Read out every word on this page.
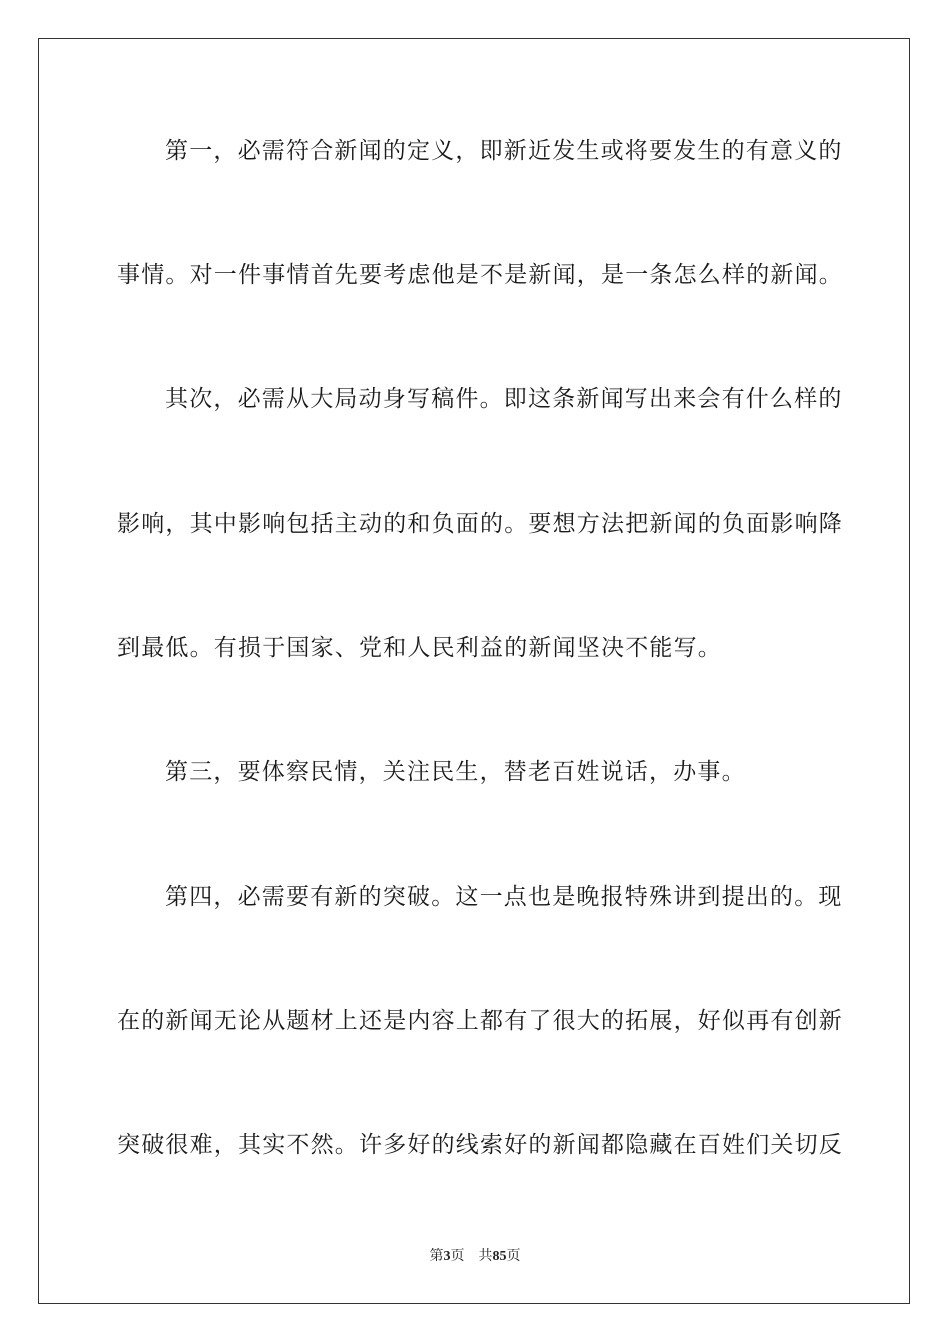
第一，必需符合新闻的定义，即新近发生或将要发生的有意义的
事情。对一件事情首先要考虑他是不是新闻，是一条怎么样的新闻。
其次，必需从大局动身写稿件。即这条新闻写出来会有什么样的
影响，其中影响包括主动的和负面的。要想方法把新闻的负面影响降
到最低。有损于国家、党和人民利益的新闻坚决不能写。
第三，要体察民情，关注民生，替老百姓说话，办事。
第四，必需要有新的突破。这一点也是晚报特殊讲到提出的。现
在的新闻无论从题材上还是内容上都有了很大的拓展，好似再有创新
突破很难，其实不然。许多好的线索好的新闻都隐藏在百姓们关切反
第3页 共85页
